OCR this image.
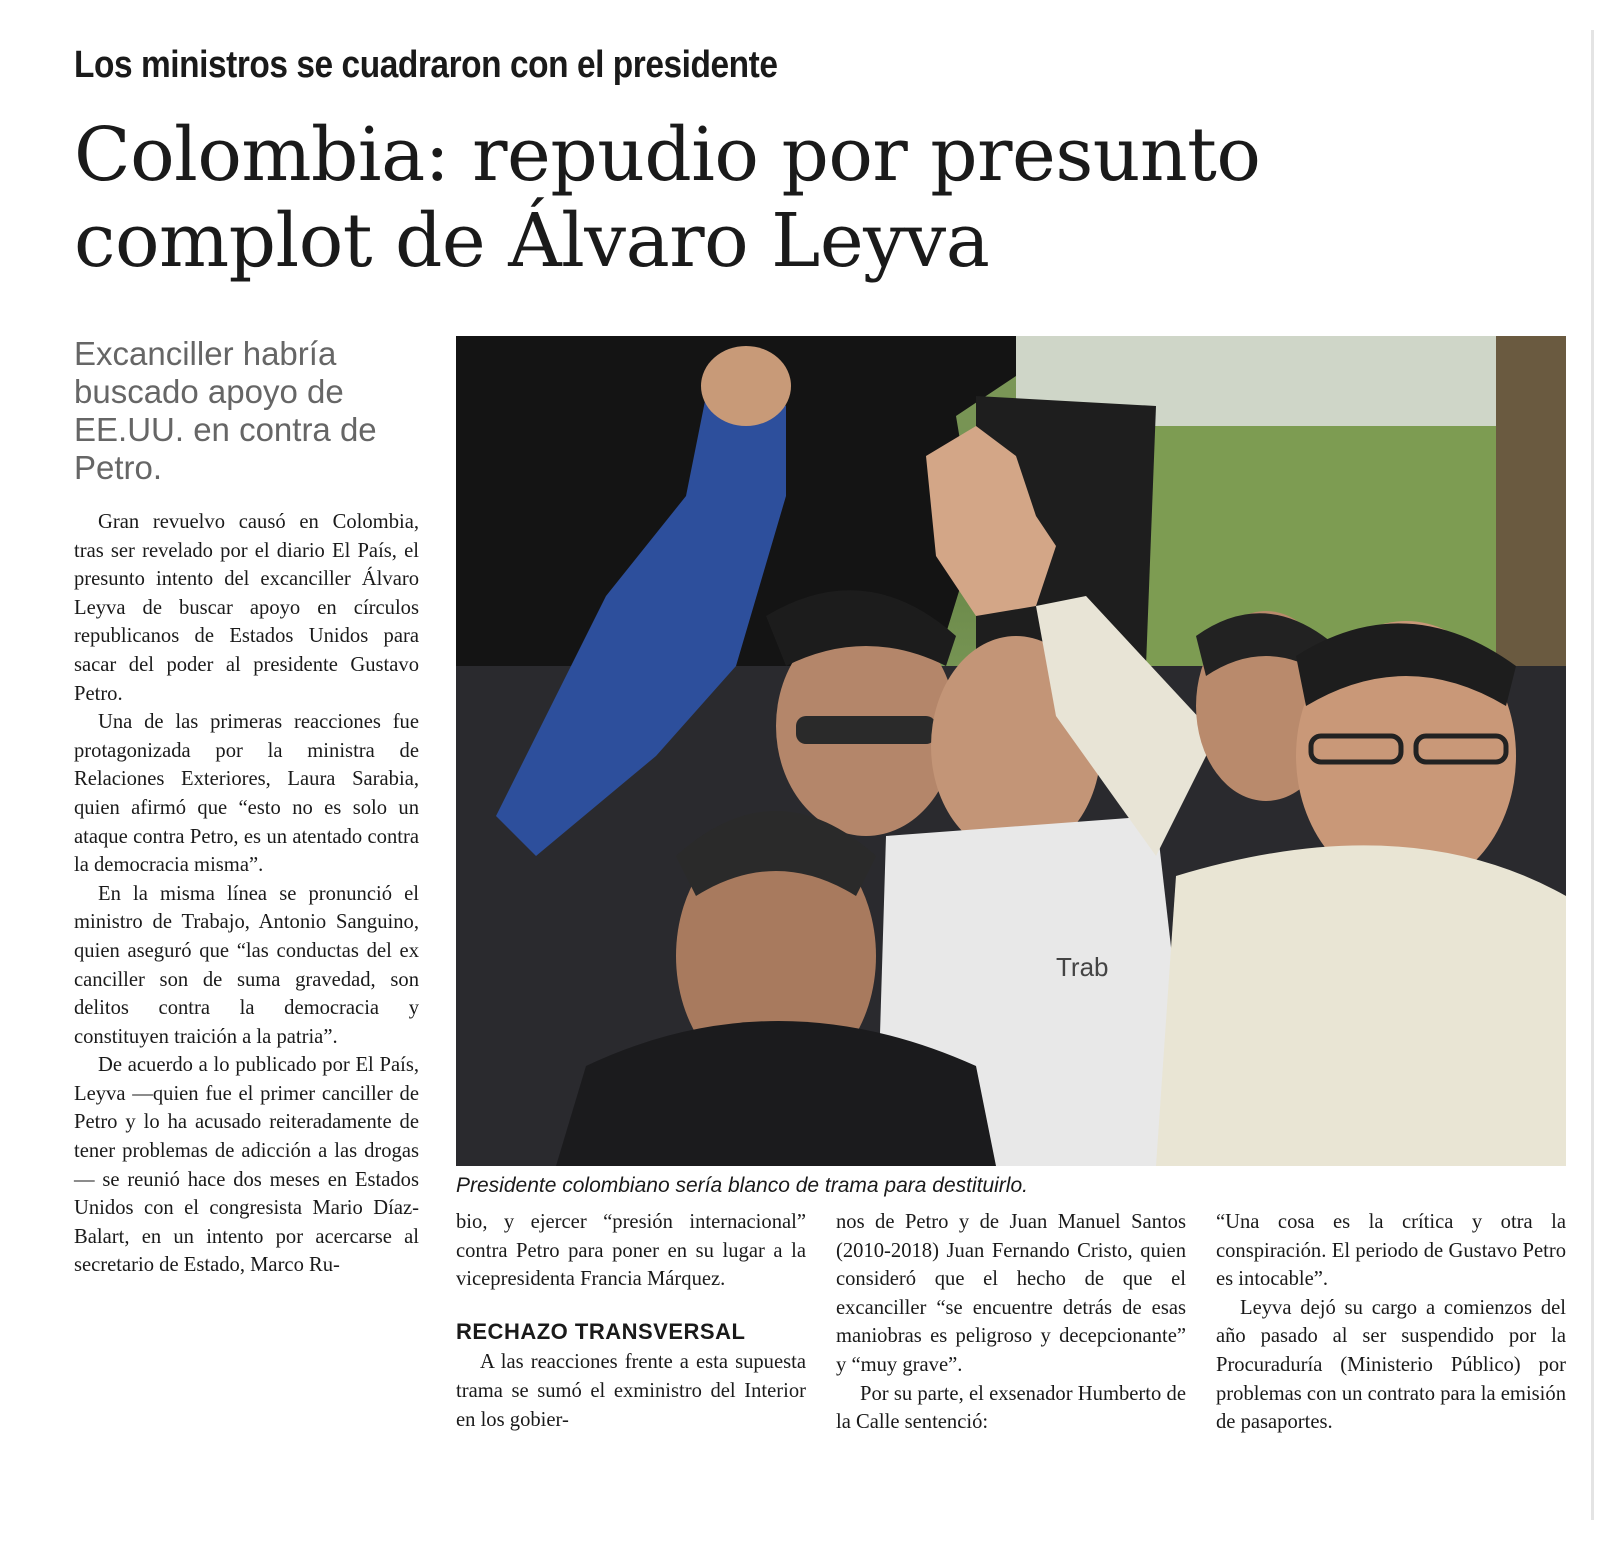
Los ministros se cuadraron con el presidente
Colombia: repudio por presunto
complot de Álvaro Leyva
Excanciller habría buscado apoyo de EE.UU. en contra de Petro.

Gran revuelvo causó en Colombia, tras ser revelado por el diario El País, el presunto intento del excanciller Álvaro Leyva de buscar apoyo en círculos republicanos de Estados Unidos para sacar del poder al presidente Gustavo Petro.

Una de las primeras reacciones fue protagonizada por la ministra de Relaciones Exteriores, Laura Sarabia, quien afirmó que “esto no es solo un ataque contra Petro, es un atentado contra la democracia misma”.

En la misma línea se pronunció el ministro de Trabajo, Antonio Sanguino, quien aseguró que “las conductas del ex canciller son de suma gravedad, son delitos contra la democracia y constituyen traición a la patria”.

De acuerdo a lo publicado por El País, Leyva —quien fue el primer canciller de Petro y lo ha acusado reiteradamente de tener problemas de adicción a las drogas— se reunió hace dos meses en Estados Unidos con el congresista Mario Díaz-Balart, en un intento por acercarse al secretario de Estado, Marco Ru-

Trab
Presidente colombiano sería blanco de trama para destituirlo.

bio, y ejercer “presión internacional” contra Petro para poner en su lugar a la vicepresidenta Francia Márquez.

RECHAZO TRANSVERSAL

A las reacciones frente a esta supuesta trama se sumó el exministro del Interior en los gobier-

nos de Petro y de Juan Manuel Santos (2010-2018) Juan Fernando Cristo, quien consideró que el hecho de que el excanciller “se encuentre detrás de esas maniobras es peligroso y decepcionante” y “muy grave”.

Por su parte, el exsenador Humberto de la Calle sentenció:

“Una cosa es la crítica y otra la conspiración. El periodo de Gustavo Petro es intocable”.

Leyva dejó su cargo a comienzos del año pasado al ser suspendido por la Procuraduría (Ministerio Público) por problemas con un contrato para la emisión de pasaportes.
